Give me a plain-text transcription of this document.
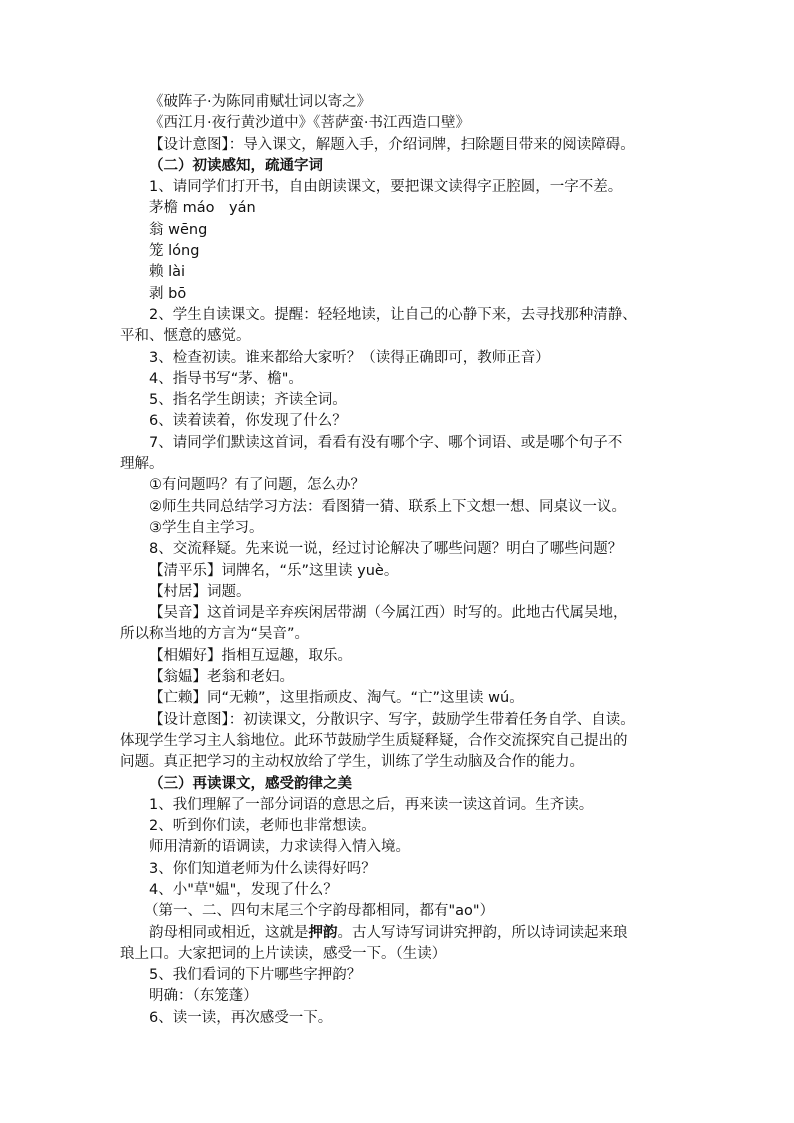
《破阵子·为陈同甫赋壮词以寄之》
《西江月·夜行黄沙道中》《菩萨蛮·书江西造口壁》
【设计意图】：导入课文，解题入手，介绍词牌，扫除题目带来的阅读障碍。
（二）初读感知，疏通字词
1、请同学们打开书，自由朗读课文，要把课文读得字正腔圆，一字不差。
茅檐 máo　yán
翁 wēng
笼 lóng
赖 lài
剥 bō
2、学生自读课文。提醒：轻轻地读，让自己的心静下来，去寻找那种清静、
平和、惬意的感觉。
3、检查初读。谁来都给大家听？（读得正确即可，教师正音）
4、指导书写“茅、檐"。
5、指名学生朗读；齐读全词。
6、读着读着，你发现了什么？
7、请同学们默读这首词，看看有没有哪个字、哪个词语、或是哪个句子不
理解。
①有问题吗？有了问题，怎么办？
②师生共同总结学习方法：看图猜一猜、联系上下文想一想、同桌议一议。
③学生自主学习。
8、交流释疑。先来说一说，经过讨论解决了哪些问题？明白了哪些问题？
【清平乐】词牌名，“乐”这里读 yuè。
【村居】词题。
【吴音】这首词是辛弃疾闲居带湖（今属江西）时写的。此地古代属吴地，
所以称当地的方言为“吴音”。
【相媚好】指相互逗趣，取乐。
【翁媪】老翁和老妇。
【亡赖】同“无赖”，这里指顽皮、淘气。“亡”这里读 wú。
【设计意图】：初读课文，分散识字、写字，鼓励学生带着任务自学、自读。
体现学生学习主人翁地位。此环节鼓励学生质疑释疑，合作交流探究自己提出的
问题。真正把学习的主动权放给了学生，训练了学生动脑及合作的能力。
（三）再读课文，感受韵律之美
1、我们理解了一部分词语的意思之后，再来读一读这首词。生齐读。
2、听到你们读，老师也非常想读。
师用清新的语调读，力求读得入情入境。
3、你们知道老师为什么读得好吗？
4、小"草"媪"，发现了什么？
（第一、二、四句末尾三个字韵母都相同，都有"ao"）
韵母相同或相近，这就是押韵。古人写诗写词讲究押韵，所以诗词读起来琅
琅上口。大家把词的上片读读，感受一下。（生读）
5、我们看词的下片哪些字押韵？
明确：（东笼蓬）
6、读一读，再次感受一下。
